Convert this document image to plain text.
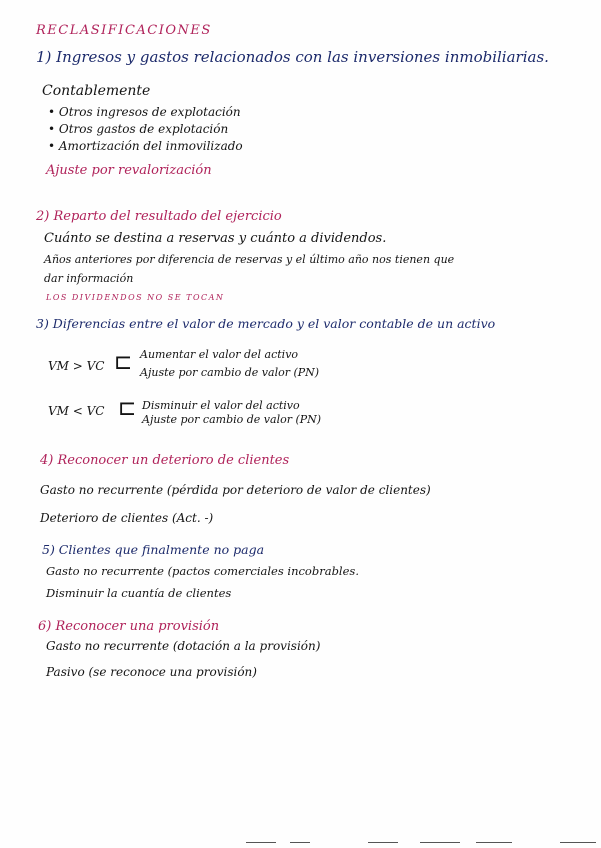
RECLASIFICACIONES
1) Ingresos y gastos relacionados con las inversiones inmobiliarias.
Contablemente
• Otros ingresos de explotación
• Otros gastos de explotación
• Amortización del inmovilizado
Ajuste por revalorización
2) Reparto del resultado del ejercicio
Cuánto se destina a reservas y cuánto a dividendos.
Años anteriores por diferencia de reservas y el último año nos tienen que
dar información
LOS DIVIDENDOS NO SE TOCAN
3) Diferencias entre el valor de mercado y el valor contable de un activo
VM > VC ⊏ Aumentar el valor del activo
Ajuste por cambio de valor (PN)
VM < VC ⊏ Disminuir el valor del activo
Ajuste por cambio de valor (PN)
4) Reconocer un deterioro de clientes
Gasto no recurrente (pérdida por deterioro de valor de clientes)
Deterioro de clientes (Act. -)
5) Clientes que finalmente no paga
Gasto no recurrente (pactos comerciales incobrables.
Disminuir la cuantía de clientes
6) Reconocer una provisión
Gasto no recurrente (dotación a la provisión)
Pasivo (se reconoce una provisión)
